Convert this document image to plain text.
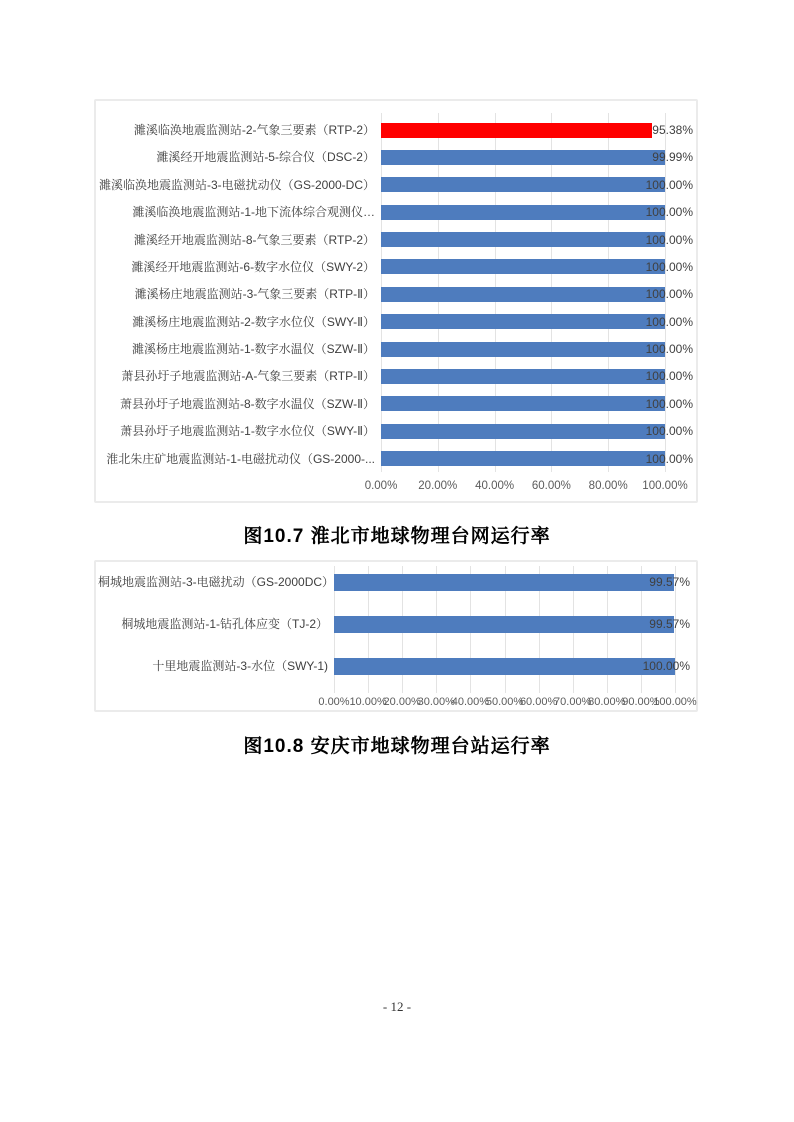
0.00%	20.00%	40.00%	60.00%	80.00%	100.00%
濉溪临涣地震监测站-2-气象三要素（RTP-2）	95.38%
濉溪经开地震监测站-5-综合仪（DSC-2）	99.99%
濉溪临涣地震监测站-3-电磁扰动仪（GS-2000-DC）	100.00%
濉溪临涣地震监测站-1-地下流体综合观测仪…	100.00%
濉溪经开地震监测站-8-气象三要素（RTP-2）	100.00%
濉溪经开地震监测站-6-数字水位仪（SWY-2）	100.00%
濉溪杨庄地震监测站-3-气象三要素（RTP-Ⅱ）	100.00%
濉溪杨庄地震监测站-2-数字水位仪（SWY-Ⅱ）	100.00%
濉溪杨庄地震监测站-1-数字水温仪（SZW-Ⅱ）	100.00%
萧县孙圩子地震监测站-A-气象三要素（RTP-Ⅱ）	100.00%
萧县孙圩子地震监测站-8-数字水温仪（SZW-Ⅱ）	100.00%
萧县孙圩子地震监测站-1-数字水位仪（SWY-Ⅱ）	100.00%
淮北朱庄矿地震监测站-1-电磁扰动仪（GS-2000-...	100.00%
图10.7 淮北市地球物理台网运行率
0.00% 10.00%
20.00%
30.00%
40.00%
50.00%
60.00%
70.00%
80.00%
90.00%
100.00%
桐城地震监测站-3-电磁扰动（GS-2000DC）	99.57%
桐城地震监测站-1-钻孔体应变（TJ-2）	99.57%
十里地震监测站-3-水位（SWY-1)	100.00%
图10.8 安庆市地球物理台站运行率
- 12 -
